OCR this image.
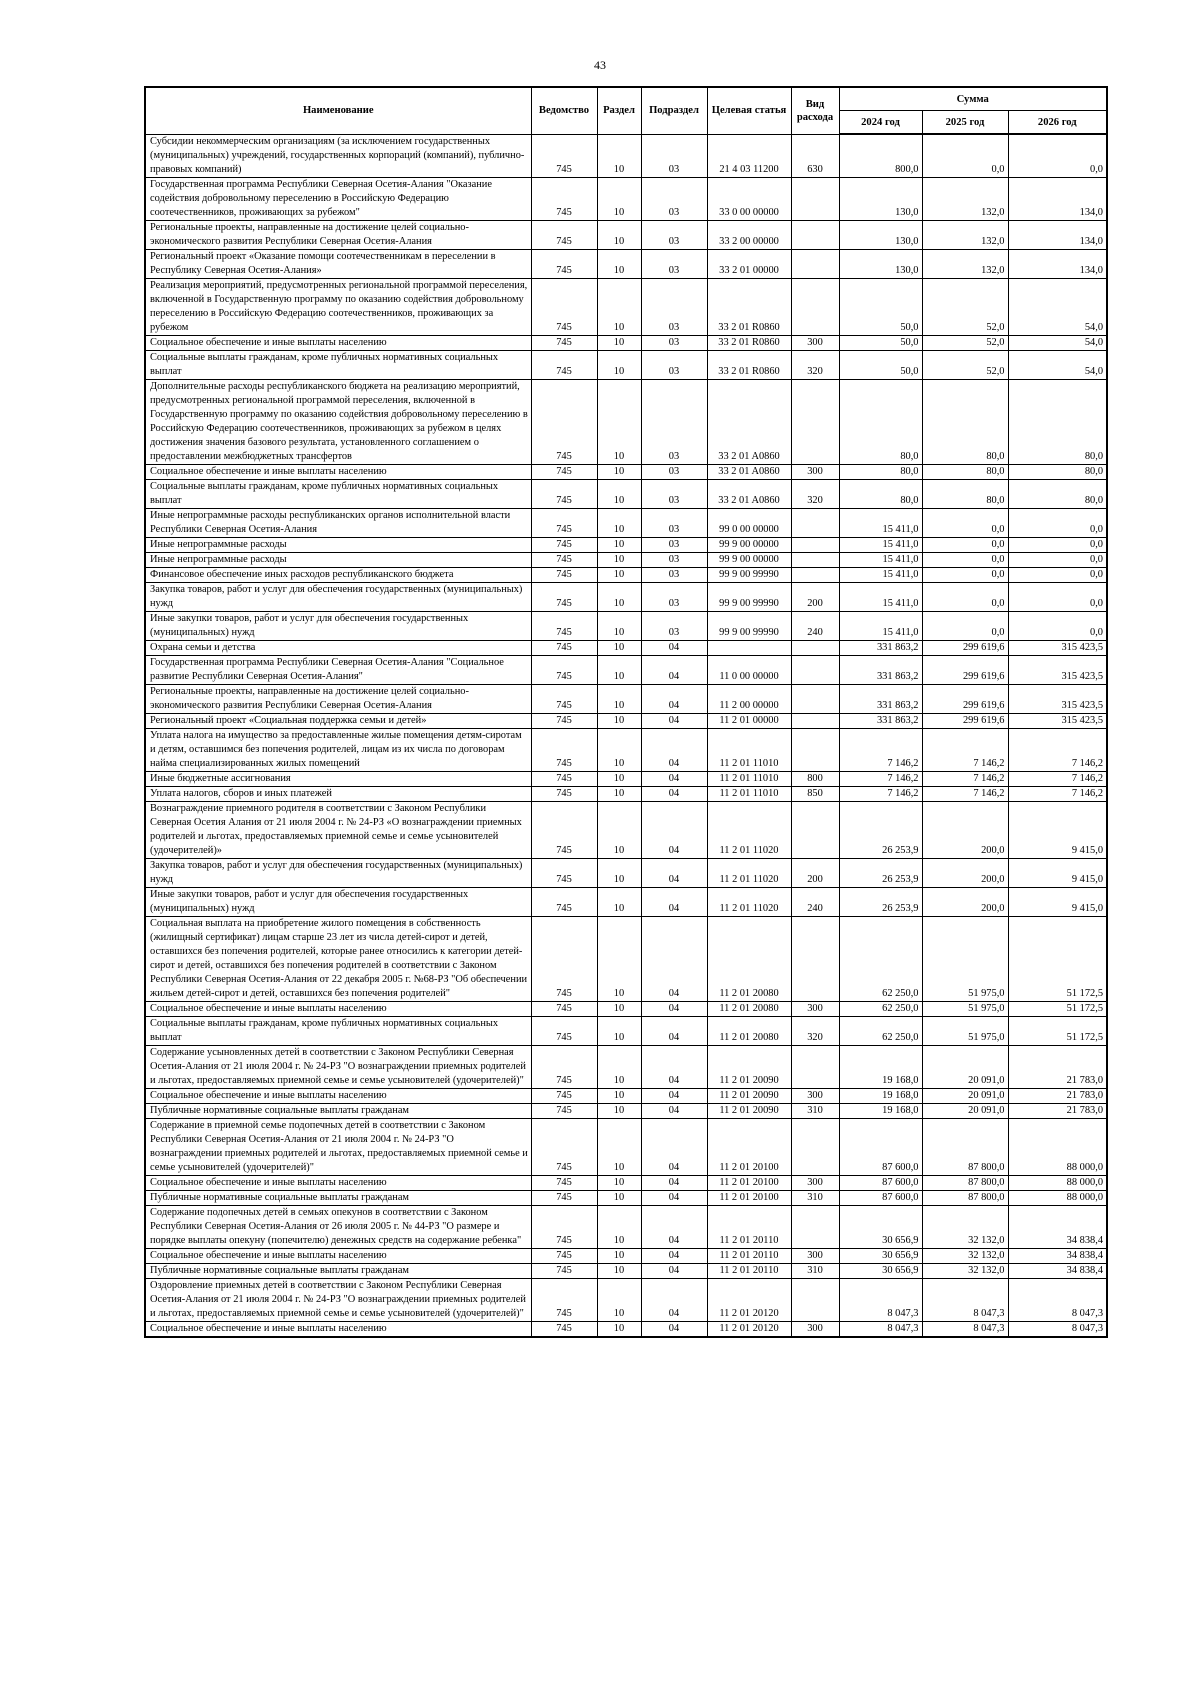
43
Наименование	Ведомство	Раздел	Подраздел	Целевая статья	Вид расхода	Сумма		
						2024 год	2025 год	2026 год
Субсидии некоммерческим организациям (за исключением государственных (муниципальных) учреждений, государственных корпораций (компаний), публично-правовых компаний)	745	10	03	21 4 03 11200	630	800,0	0,0	0,0
Государственная программа Республики Северная Осетия-Алания "Оказание содействия добровольному переселению в Российскую Федерацию соотечественников, проживающих за рубежом"	745	10	03	33 0 00 00000		130,0	132,0	134,0
Региональные проекты, направленные на достижение целей социально-экономического развития Республики Северная Осетия-Алания	745	10	03	33 2 00 00000		130,0	132,0	134,0
Региональный проект «Оказание помощи соотечественникам в переселении в Республику Северная Осетия-Алания»	745	10	03	33 2 01 00000		130,0	132,0	134,0
Реализация мероприятий, предусмотренных региональной программой переселения, включенной в Государственную программу по оказанию содействия добровольному переселению в Российскую Федерацию соотечественников, проживающих за рубежом	745	10	03	33 2 01 R0860		50,0	52,0	54,0
Социальное обеспечение и иные выплаты населению	745	10	03	33 2 01 R0860	300	50,0	52,0	54,0
Социальные выплаты гражданам, кроме публичных нормативных социальных выплат	745	10	03	33 2 01 R0860	320	50,0	52,0	54,0
Дополнительные расходы республиканского бюджета на реализацию мероприятий, предусмотренных региональной программой переселения, включенной в Государственную программу по оказанию содействия добровольному переселению в Российскую Федерацию соотечественников, проживающих за рубежом в целях достижения значения базового результата, установленного соглашением о предоставлении межбюджетных трансфертов	745	10	03	33 2 01 A0860		80,0	80,0	80,0
Социальное обеспечение и иные выплаты населению	745	10	03	33 2 01 A0860	300	80,0	80,0	80,0
Социальные выплаты гражданам, кроме публичных нормативных социальных выплат	745	10	03	33 2 01 A0860	320	80,0	80,0	80,0
Иные непрограммные расходы республиканских органов исполнительной власти Республики Северная Осетия-Алания	745	10	03	99 0 00 00000		15 411,0	0,0	0,0
Иные непрограммные расходы	745	10	03	99 9 00 00000		15 411,0	0,0	0,0
Иные непрограммные расходы	745	10	03	99 9 00 00000		15 411,0	0,0	0,0
Финансовое обеспечение иных расходов республиканского бюджета	745	10	03	99 9 00 99990		15 411,0	0,0	0,0
Закупка товаров, работ и услуг для обеспечения государственных (муниципальных) нужд	745	10	03	99 9 00 99990	200	15 411,0	0,0	0,0
Иные закупки товаров, работ и услуг для обеспечения государственных (муниципальных) нужд	745	10	03	99 9 00 99990	240	15 411,0	0,0	0,0
Охрана семьи и детства	745	10	04			331 863,2	299 619,6	315 423,5
Государственная программа Республики Северная Осетия-Алания "Социальное развитие Республики Северная Осетия-Алания"	745	10	04	11 0 00 00000		331 863,2	299 619,6	315 423,5
Региональные проекты, направленные на достижение целей социально-экономического развития Республики Северная Осетия-Алания	745	10	04	11 2 00 00000		331 863,2	299 619,6	315 423,5
Региональный проект «Социальная поддержка семьи и детей»	745	10	04	11 2 01 00000		331 863,2	299 619,6	315 423,5
Уплата налога на имущество за предоставленные жилые помещения детям-сиротам и детям, оставшимся без попечения родителей, лицам из их числа по договорам найма специализированных жилых помещений	745	10	04	11 2 01 11010		7 146,2	7 146,2	7 146,2
Иные бюджетные ассигнования	745	10	04	11 2 01 11010	800	7 146,2	7 146,2	7 146,2
Уплата налогов, сборов и иных платежей	745	10	04	11 2 01 11010	850	7 146,2	7 146,2	7 146,2
Вознаграждение приемного родителя в соответствии с Законом Республики Северная Осетия Алания от 21 июля 2004 г. № 24-РЗ «О вознаграждении приемных родителей и льготах, предоставляемых приемной семье и семье усыновителей (удочерителей)»	745	10	04	11 2 01 11020		26 253,9	200,0	9 415,0
Закупка товаров, работ и услуг для обеспечения государственных (муниципальных) нужд	745	10	04	11 2 01 11020	200	26 253,9	200,0	9 415,0
Иные закупки товаров, работ и услуг для обеспечения государственных (муниципальных) нужд	745	10	04	11 2 01 11020	240	26 253,9	200,0	9 415,0
Социальная выплата на приобретение жилого помещения в собственность (жилищный сертификат) лицам старше 23 лет из числа детей-сирот и детей, оставшихся без попечения родителей, которые ранее относились к категории детей-сирот и детей, оставшихся без попечения родителей в соответствии с Законом Республики Северная Осетия-Алания от 22 декабря 2005 г. №68-РЗ "Об обеспечении жильем детей-сирот и детей, оставшихся без попечения родителей"	745	10	04	11 2 01 20080		62 250,0	51 975,0	51 172,5
Социальное обеспечение и иные выплаты населению	745	10	04	11 2 01 20080	300	62 250,0	51 975,0	51 172,5
Социальные выплаты гражданам, кроме публичных нормативных социальных выплат	745	10	04	11 2 01 20080	320	62 250,0	51 975,0	51 172,5
Содержание усыновленных детей в соответствии с Законом Республики Северная Осетия-Алания от 21 июля 2004 г. № 24-РЗ "О вознаграждении приемных родителей и льготах, предоставляемых приемной семье и семье усыновителей (удочерителей)"	745	10	04	11 2 01 20090		19 168,0	20 091,0	21 783,0
Социальное обеспечение и иные выплаты населению	745	10	04	11 2 01 20090	300	19 168,0	20 091,0	21 783,0
Публичные нормативные социальные выплаты гражданам	745	10	04	11 2 01 20090	310	19 168,0	20 091,0	21 783,0
Содержание в приемной семье подопечных детей в соответствии с Законом Республики Северная Осетия-Алания от 21 июля 2004 г. № 24-РЗ "О вознаграждении приемных родителей и льготах, предоставляемых приемной семье и семье усыновителей (удочерителей)"	745	10	04	11 2 01 20100		87 600,0	87 800,0	88 000,0
Социальное обеспечение и иные выплаты населению	745	10	04	11 2 01 20100	300	87 600,0	87 800,0	88 000,0
Публичные нормативные социальные выплаты гражданам	745	10	04	11 2 01 20100	310	87 600,0	87 800,0	88 000,0
Содержание подопечных детей в семьях опекунов в соответствии с Законом Республики Северная Осетия-Алания от 26 июля 2005 г. № 44-РЗ "О размере и порядке выплаты опекуну (попечителю) денежных средств на содержание ребенка"	745	10	04	11 2 01 20110		30 656,9	32 132,0	34 838,4
Социальное обеспечение и иные выплаты населению	745	10	04	11 2 01 20110	300	30 656,9	32 132,0	34 838,4
Публичные нормативные социальные выплаты гражданам	745	10	04	11 2 01 20110	310	30 656,9	32 132,0	34 838,4
Оздоровление приемных детей в соответствии с Законом Республики Северная Осетия-Алания от 21 июля 2004 г. № 24-РЗ "О вознаграждении приемных родителей и льготах, предоставляемых приемной семье и семье усыновителей (удочерителей)"	745	10	04	11 2 01 20120		8 047,3	8 047,3	8 047,3
Социальное обеспечение и иные выплаты населению	745	10	04	11 2 01 20120	300	8 047,3	8 047,3	8 047,3
